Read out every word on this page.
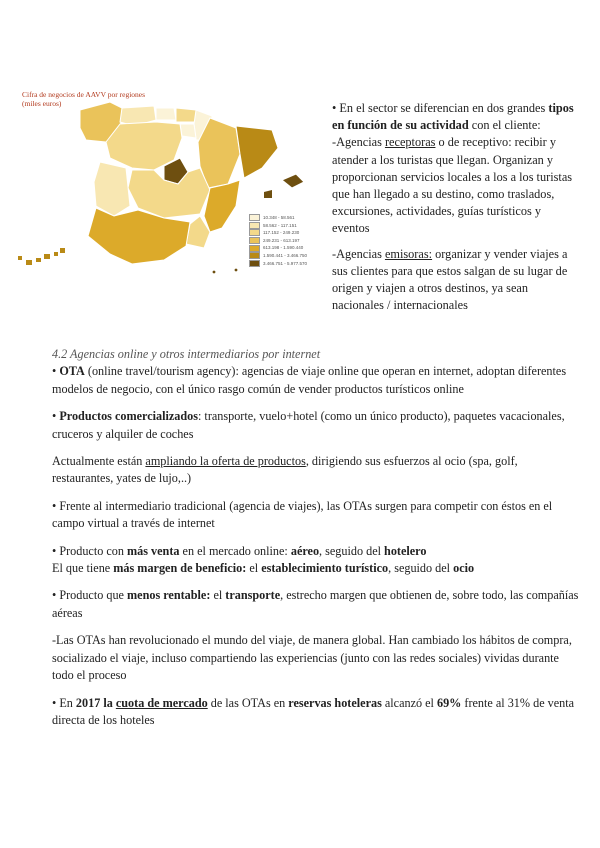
Cifra de negocios de AAVV por regiones
(miles euros)
10.348 - 58.561
58.562 - 117.151
117.152 - 249.230
249.231 - 613.197
613.198 - 1.590.440
1.590.441 - 3.466.750
3.466.751 - 5.977.570

• En el sector se diferencian en dos grandes tipos en función de su actividad con el cliente:

-Agencias receptoras o de receptivo: recibir y atender a los turistas que llegan. Organizan y proporcionan servicios locales a los a los turistas que han llegado a su destino, como traslados, excursiones, actividades, guías turísticos y eventos

-Agencias emisoras: organizar y vender viajes a sus clientes para que estos salgan de su lugar de origen y viajen a otros destinos, ya sean nacionales / internacionales

4.2 Agencias online y otros intermediarios por internet

• OTA (online travel/tourism agency): agencias de viaje online que operan en internet, adoptan diferentes modelos de negocio, con el único rasgo común de vender productos turísticos online

• Productos comercializados: transporte, vuelo+hotel (como un único producto), paquetes vacacionales, cruceros y alquiler de coches

Actualmente están ampliando la oferta de productos, dirigiendo sus esfuerzos al ocio (spa, golf, restaurantes, yates de lujo,..)

• Frente al intermediario tradicional (agencia de viajes), las OTAs surgen para competir con éstos en el campo virtual a través de internet

• Producto con más venta en el mercado online: aéreo, seguido del hotelero

El que tiene más margen de beneficio: el establecimiento turístico, seguido del ocio

• Producto que menos rentable: el transporte, estrecho margen que obtienen de, sobre todo, las compañías aéreas

-Las OTAs han revolucionado el mundo del viaje, de manera global. Han cambiado los hábitos de compra, socializado el viaje, incluso compartiendo las experiencias (junto con las redes sociales) vividas durante todo el proceso

• En 2017 la cuota de mercado de las OTAs en reservas hoteleras alcanzó el 69% frente al 31% de venta directa de los hoteles
